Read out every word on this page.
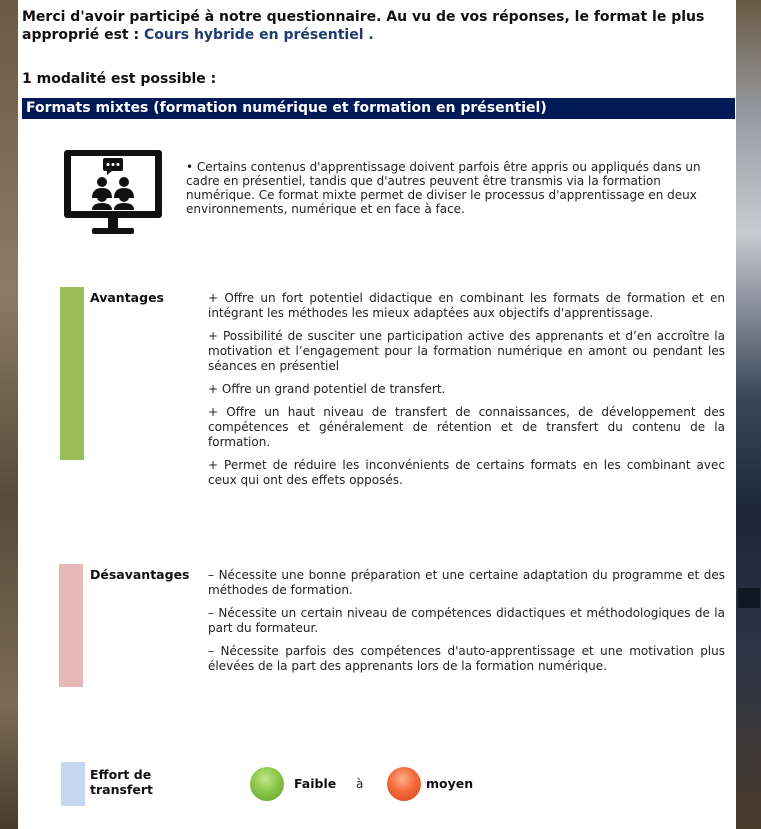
Merci d'avoir participé à notre questionnaire. Au vu de vos réponses, le format le plus approprié est : Cours hybride en présentiel .
1 modalité est possible :
Formats mixtes (formation numérique et formation en présentiel)
• Certains contenus d'apprentissage doivent parfois être appris ou appliqués dans un cadre en présentiel, tandis que d'autres peuvent être transmis via la formation numérique. Ce format mixte permet de diviser le processus d'apprentissage en deux environnements, numérique et en face à face.
Avantages	+ Offre un fort potentiel didactique en combinant les formats de formation et en intégrant les méthodes les mieux adaptées aux objectifs d'apprentissage.

+ Possibilité de susciter une participation active des apprenants et d’en accroître la motivation et l’engagement pour la formation numérique en amont ou pendant les séances en présentiel

+ Offre un grand potentiel de transfert.

+ Offre un haut niveau de transfert de connaissances, de développement des compétences et généralement de rétention et de transfert du contenu de la formation.

+ Permet de réduire les inconvénients de certains formats en les combinant avec ceux qui ont des effets opposés.

Désavantages – Nécessite une bonne préparation et une certaine adaptation du programme et des méthodes de formation.

– Nécessite un certain niveau de compétences didactiques et méthodologiques de la part du formateur.

– Nécessite parfois des compétences d'auto-apprentissage et une motivation plus élevées de la part des apprenants lors de la formation numérique.

Effort de transfert	Faible à	moyen
